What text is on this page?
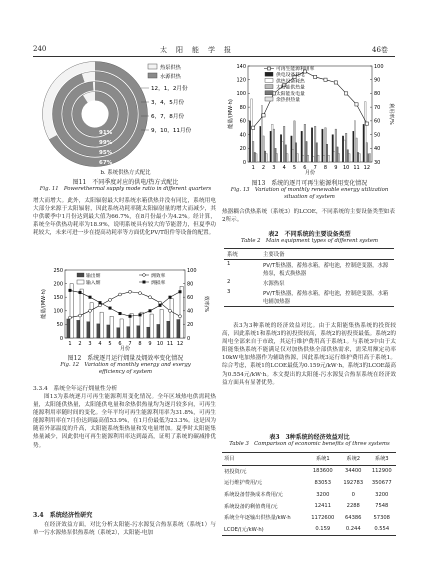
240	太　阳　能　学　报	46卷
热泵供热
水源供热
67%
95%
99%
91%
12，1，2月份
3，4，5月份
6，7，8月份
9，10，11月份
b. 系统供热方式配比
图11　不同季度对应的供电/热方式配比
Fig. 11　Powerethermal supply mode ratio in different quarters
增大而增大。此外，太阳辐射最大时系统水箱供热并没有同比，系统用电大部分来源于太阳辐射，因此系统功耗率随太阳辐射量的增大而减少，其中供暖季中1月份达到最大值为66.7%，在8月份最小为4.2%。经计算，系统全年供热功耗率为18.9%，说明系统具有较大的节能潜力，但夏季功耗较大，未来可进一步在提高功耗率等方面优化PV/T组件等设备的配置。
0
50
100
150
200
250
0
20
40
60
80
100
1 2 3 4 5 6 7 8 9 10 11 12
输出㶲
输入㶲
㶲效率
㶲损率
月份
能量/(MW·h)	效率/%
图12　系统逐月运行㶲量及㶲效率变化情况
Fig. 12　Variation of monthly energy and exergy
efficiency of system
3.3.4　系统全年运行㶲量性分析
图13为系统逐月可再生能源利用变化情况。全年区域热电供需耗热量，太阳能供热量，太阳能供电量和余热供热量均为逐月较多向，可再生能源利用率随时间的变化。全年平均可再生能源利用率为31.8%，可再生能源利用率在7月份达到最高值53.9%，在1月份最低为23.3%。这是因为随着外部温度的升高，太阳能系统集热量和发电量增加。夏季时太阳能集热量减少，因此供电可再生能源利用率达到最高，证明了系统的碳减排优势。
3.4　系统经济性研究
在经济效益方面，对比分析太阳能-污水源复合热泵系统（系统1）与单一污水源热泵供热系统（系统2），太阳能-电加
0
20
40
60
80
100
120
140
30
40
50
60
70
80
90
100
1 2 3 4 5 6 7 8 9 10 11 12
可再生能源利用率
供电设备耗电
供热设备耗热
太阳能供热量
太阳能发电量
余热供热量
月份
能量/(MW·h)	利用率/%
图13　系统的逐月可再生能源利用变化情况
Fig. 13　Variation of monthly renewable energy utilization situation of system
热器耦合供热系统（系统3）的LCOE，不同系统的主要设备类型如表2所示。
表2　不同系统的主要设备类型
Table 2　Main equipment types of different system
系统	主要设备
1	PV/T集热器，蓄热水箱，蓄电池，控制逆变器，水源热泵，板式换热器
2	水源热泵
3	PV/T集热器，蓄热水箱，蓄电池，控制逆变器，水箱电辅加热器
表3为3种系统的经济效益对比。由于太阳能集热系统的投资较高，因此系统1和系统3的初投资较高，系统2的初投资最低。系统2的周电全部来自于市政，其运行维护费用高于系统1。与系统3中由于太阳能集热系统不能满足仅对加热供热全部供热需求，需采用额定功率10kW电加热器作为辅助热源，因此系统3运行维护费用高于系统1。综合考虑，系统1的LCOE最低为0.159元/kW·h，系统3的LCOE最高为0.554元/kW·h。本文提出的太阳能-污水源复合热泵系统在经济效益方面具有显著优势。
表3　3种系统的经济效益对比
Table 3　Comparison of economic benefits of three systems
项目	系统1	系统2	系统3
初投资/元	183600	34400	112900
运行维护费用/元	83053	192783	350677
系统设备替换成本费用/元	3200	0	3200
系统设备的剩值费用/元	12411	2288	7548
系统全年逐输出供热量/kW·h	1172600	64386	57308
LCOE/(元/kW·h)	0.159	0.244	0.554
